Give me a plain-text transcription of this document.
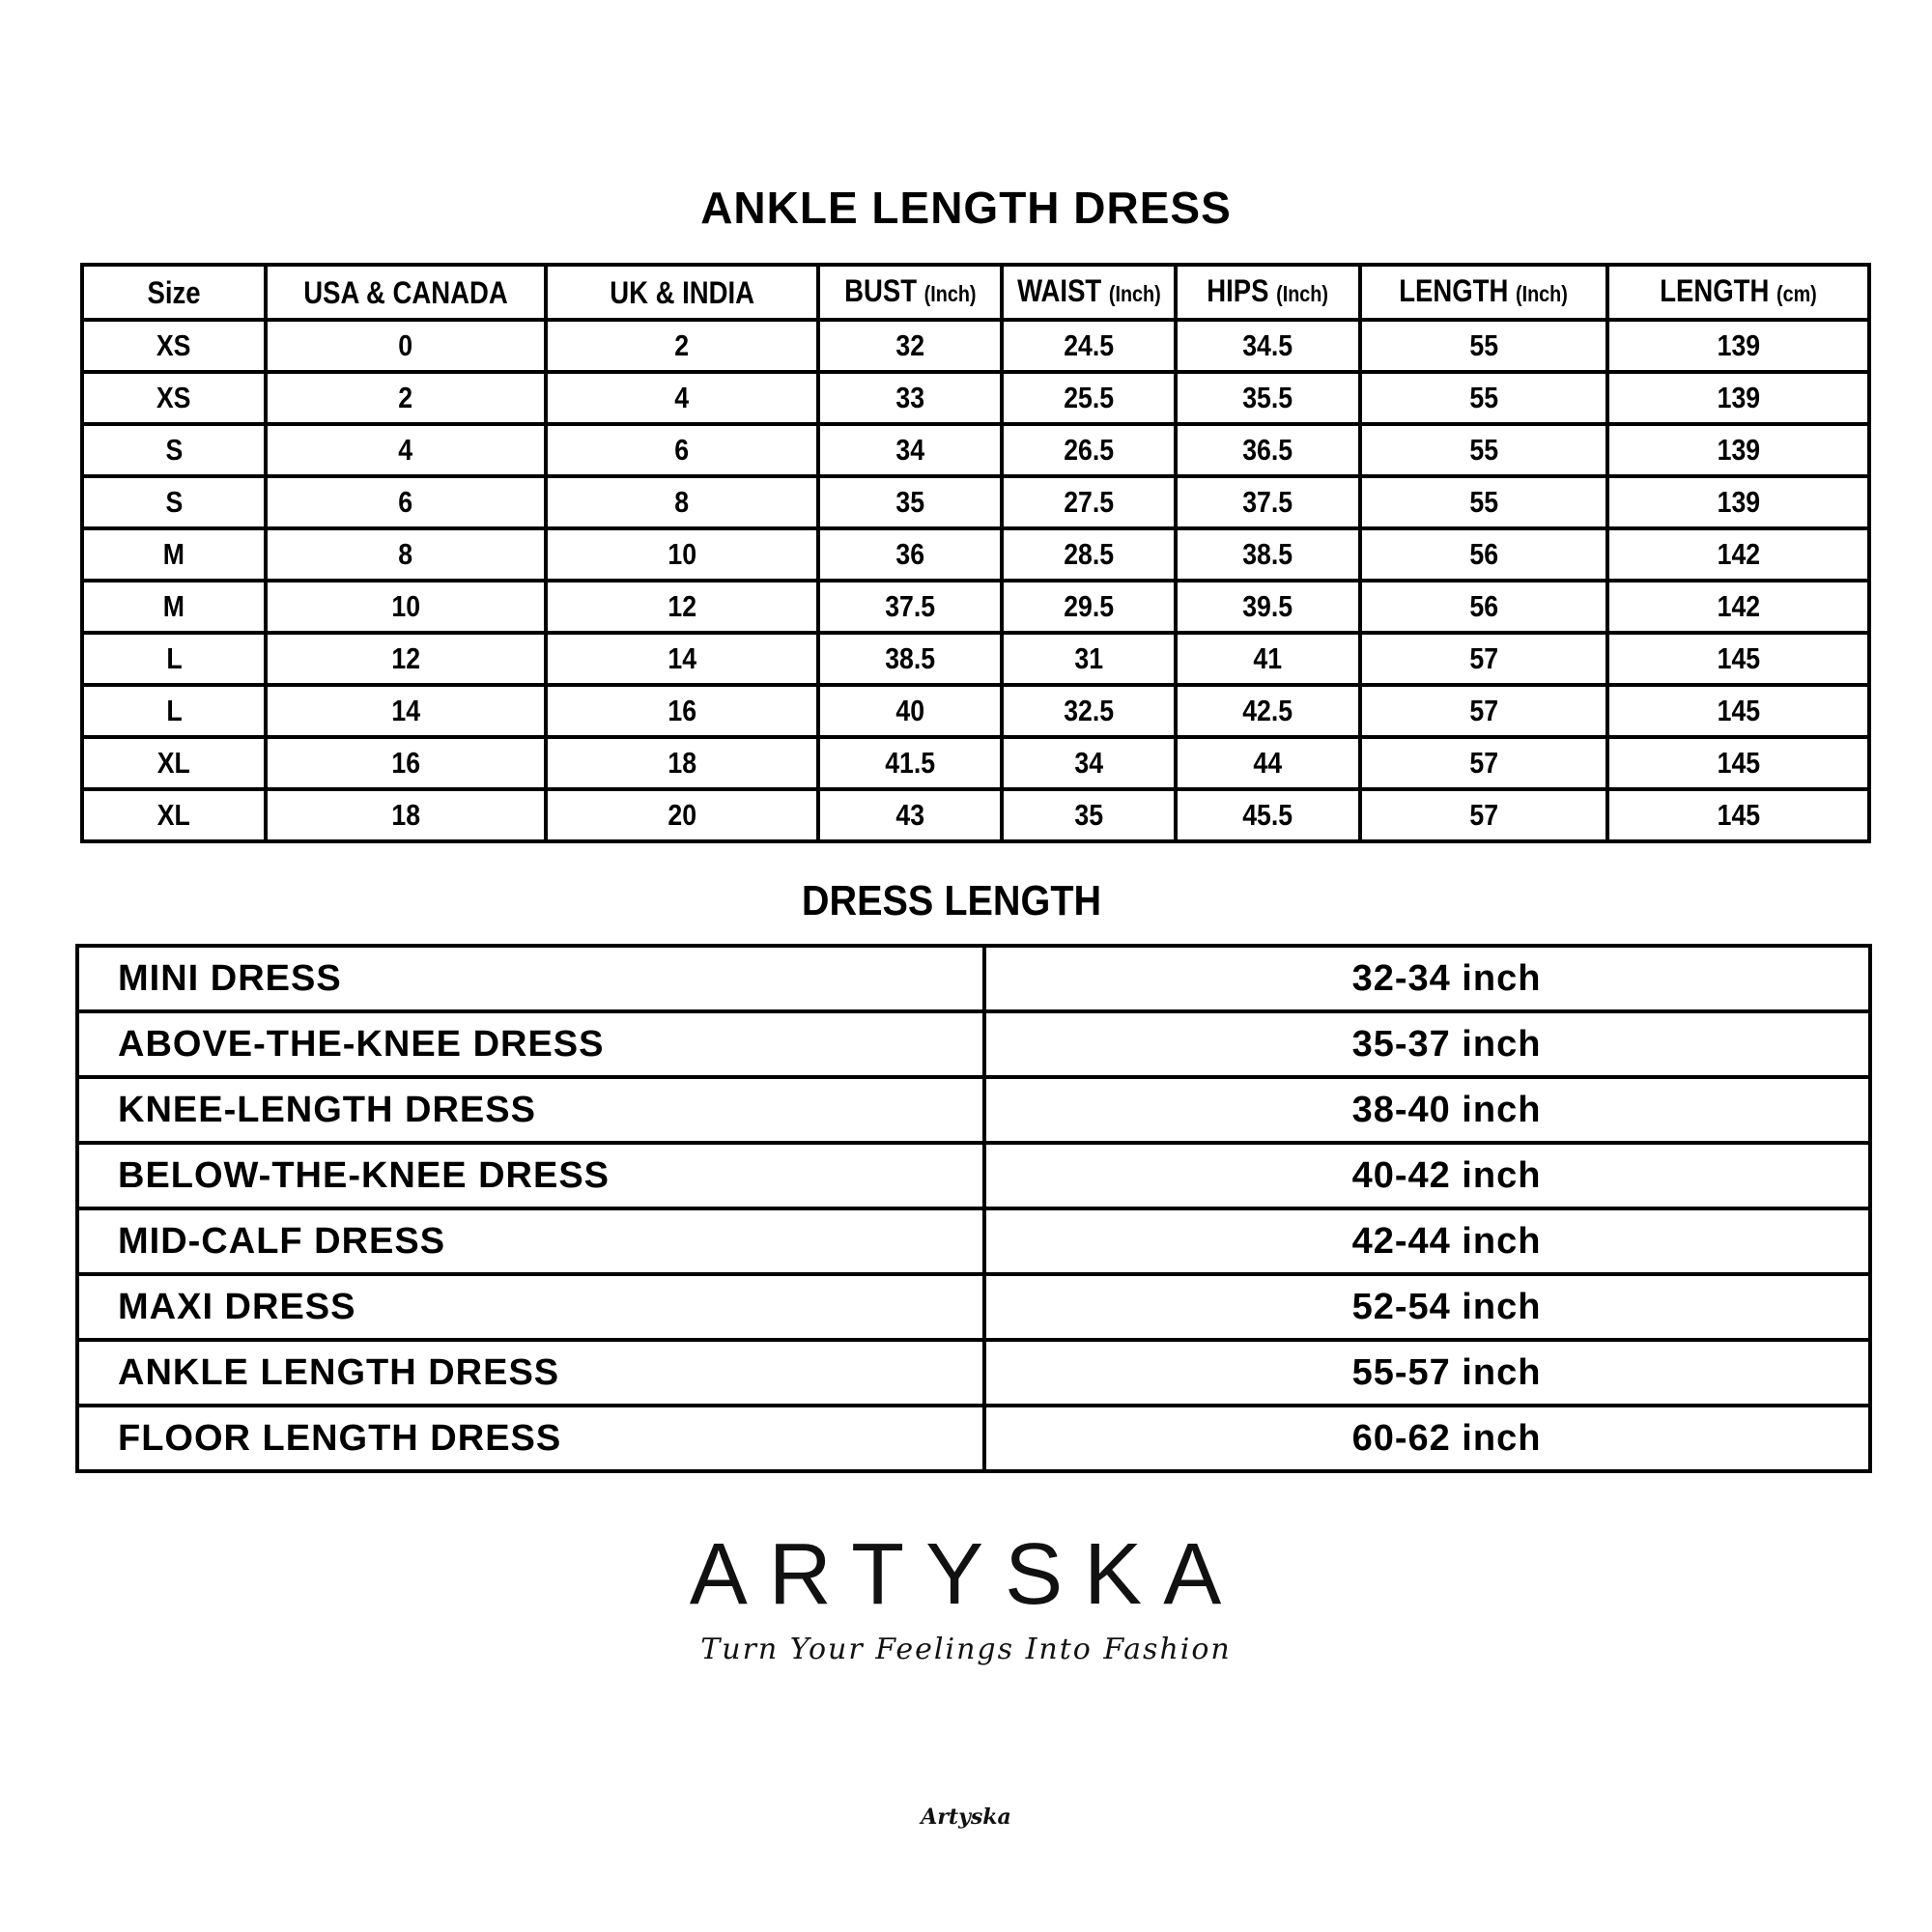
ANKLE LENGTH DRESS
Size	USA & CANADA	UK & INDIA	BUST (Inch)	WAIST (Inch)	HIPS (Inch)	LENGTH (Inch)	LENGTH (cm)
XS	0	2	32	24.5	34.5	55	139
XS	2	4	33	25.5	35.5	55	139
S	4	6	34	26.5	36.5	55	139
S	6	8	35	27.5	37.5	55	139
M	8	10	36	28.5	38.5	56	142
M	10	12	37.5	29.5	39.5	56	142
L	12	14	38.5	31	41	57	145
L	14	16	40	32.5	42.5	57	145
XL	16	18	41.5	34	44	57	145
XL	18	20	43	35	45.5	57	145
DRESS LENGTH
MINI DRESS	32-34 inch
ABOVE-THE-KNEE DRESS	35-37 inch
KNEE-LENGTH DRESS	38-40 inch
BELOW-THE-KNEE DRESS	40-42 inch
MID-CALF DRESS	42-44 inch
MAXI DRESS	52-54 inch
ANKLE LENGTH DRESS	55-57 inch
FLOOR LENGTH DRESS	60-62 inch
ARTYSKA
Turn Your Feelings Into Fashion
Artyska
